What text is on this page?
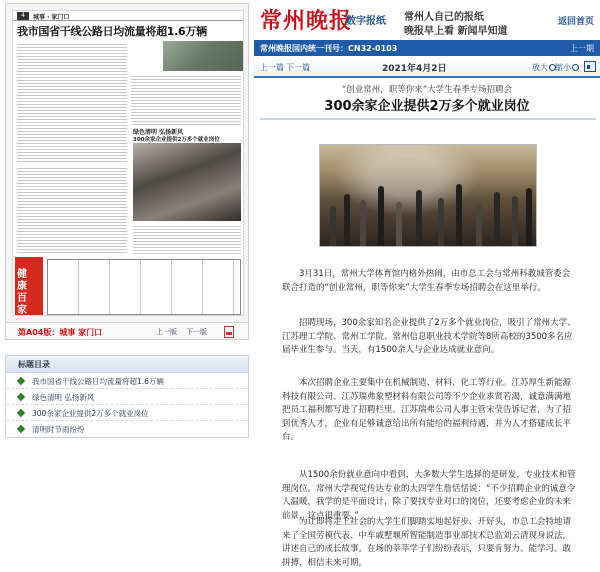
4	城事 · 家门口
我市国省干线公路日均流量将超1.6万辆
绿色清明 弘扬新风
300余家企业提供2万多个就业岗位
健康百家
第A04版：城事 家门口	上一版 下一版
标题目录
我市国省干线公路日均流量将超1.6万辆
绿色清明 弘扬新风
300余家企业提供2万多个就业岗位
清明时节雨纷纷
常州晚报
数字报纸 常州人自己的报纸
晚报早上看 新闻早知道
返回首页
常州晚报国内统一刊号：CN32-0103	上一期
上一篇 下一篇	2021年4月2日	放大 缩小
“创业常州，职等你来”大学生春季专场招聘会
300余家企业提供2万多个就业岗位

3月31日，常州大学体育馆内格外热闹，由市总工会与常州科教城管委会联合打造的“创业常州，职等你来”大学生春季专场招聘会在这里举行。

招聘现场，300余家知名企业提供了2万多个就业岗位，吸引了常州大学、江苏理工学院、常州工学院、常州信息职业技术学院等8所高校的3500多名应届毕业生参与。当天，有1500余人与企业达成就业意向。

本次招聘企业主要集中在机械制造、材料、化工等行业。江苏厚生新能源科技有限公司、江苏瑞弗象塑材料有限公司等不少企业求贤若渴，诚意满满地把员工福利都写进了招聘栏里。江苏瑞弗公司人事主管宋莹告诉记者，为了招到优秀人才，企业有足够诚意给出所有能给的福利待遇，并为人才搭建成长平台。

从1500余份就业意向中看到，大多数大学生选择的是研发、专业技术和管理岗位。常州大学视觉传达专业的大四学生詹恬恬说：“不少招聘企业的诚意令人温暖，我学的是平面设计，除了要找专业对口的岗位，还要考虑企业的未来前景，这点很重要。”

为让即将走上社会的大学生们脚踏实地起好步、开好头，市总工会特地请来了全国劳模代表、中车戚墅堰所智能制造事业部技术总监刘云清现身说法，讲述自己的成长故事。在场的莘莘学子们纷纷表示，只要肯努力、能学习、敢拼搏，相信未来可期。
